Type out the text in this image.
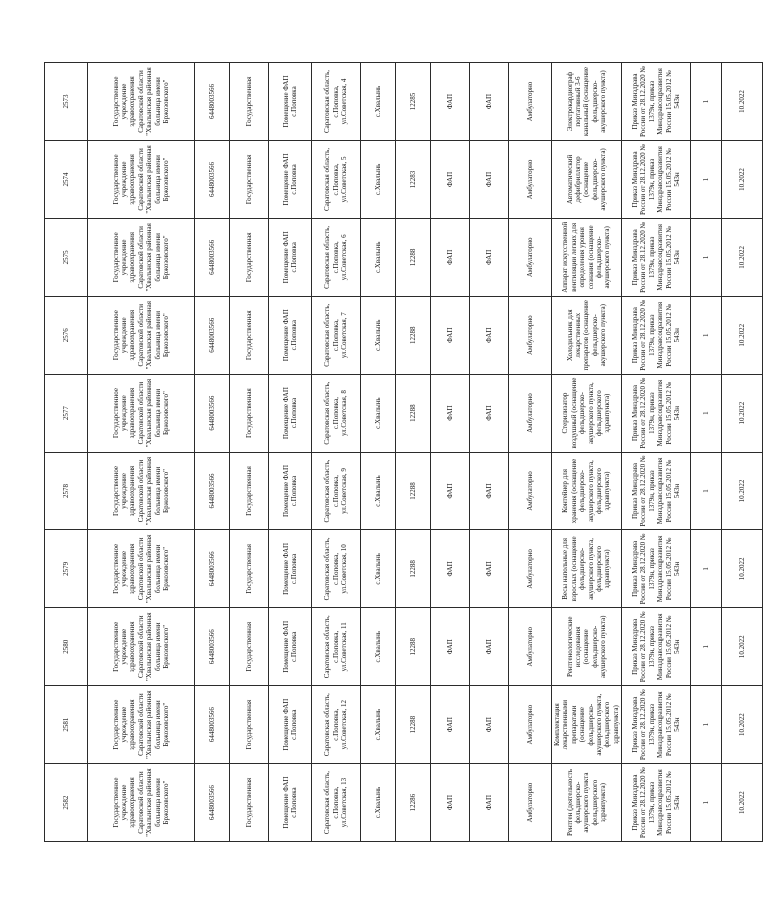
2582	2581	2580	2579	2578	2577	2576	2575	2574	2573
Государственное учреждение здравоохранения Саратовской области "Хвалынская районная больница имени Бржозовского"	Государственное учреждение здравоохранения Саратовской области "Хвалынская районная больница имени Бржозовского"	Государственное учреждение здравоохранения Саратовской области "Хвалынская районная больница имени Бржозовского"	Государственное учреждение здравоохранения Саратовской области "Хвалынская районная больница имени Бржозовского"	Государственное учреждение здравоохранения Саратовской области "Хвалынская районная больница имени Бржозовского"	Государственное учреждение здравоохранения Саратовской области "Хвалынская районная больница имени Бржозовского"	Государственное учреждение здравоохранения Саратовской области "Хвалынская районная больница имени Бржозовского"	Государственное учреждение здравоохранения Саратовской области "Хвалынская районная больница имени Бржозовского"	Государственное учреждение здравоохранения Саратовской области "Хвалынская районная больница имени Бржозовского"	Государственное учреждение здравоохранения Саратовской области "Хвалынская районная больница имени Бржозовского"
6448003566	6448003566	6448003566	6448003566	6448003566	6448003566	6448003566	6448003566	6448003566	6448003566
Государственная	Государственная	Государственная	Государственная	Государственная	Государственная	Государственная	Государственная	Государственная	Государственная
Помещение ФАП с.Поповка	Помещение ФАП с.Поповка	Помещение ФАП с.Поповка	Помещение ФАП с.Поповка	Помещение ФАП с.Поповка	Помещение ФАП с.Поповка	Помещение ФАП с.Поповка	Помещение ФАП с.Поповка	Помещение ФАП с.Поповка	Помещение ФАП с.Поповка
Саратовская область, с.Поповка, ул.Советская, 13	Саратовская область, с.Поповка, ул.Советская, 12	Саратовская область, с.Поповка, ул.Советская, 11	Саратовская область, с.Поповка, ул.Советская, 10	Саратовская область, с.Поповка, ул.Советская, 9	Саратовская область, с.Поповка, ул.Советская, 8	Саратовская область, с.Поповка, ул.Советская, 7	Саратовская область, с.Поповка, ул.Советская, 6	Саратовская область, с.Поповка, ул.Советская, 5	Саратовская область, с.Поповка, ул.Советская, 4
с.Хвалынь	с.Хвалынь	с.Хвалынь	с.Хвалынь	с.Хвалынь	с.Хвалынь	с.Хвалынь	с.Хвалынь	с.Хвалынь	с.Хвалынь
12286	12288	12288	12288	12288	12288	12288	12288	12283	12285
ФАП	ФАП	ФАП	ФАП	ФАП	ФАП	ФАП	ФАП	ФАП	ФАП
ФАП	ФАП	ФАП	ФАП	ФАП	ФАП	ФАП	ФАП	ФАП	ФАП
Амбулаторно	Амбулаторно	Амбулаторно	Амбулаторно	Амбулаторно	Амбулаторно	Амбулаторно	Амбулаторно	Амбулаторно	Амбулаторно
Рентген (деятельность фельдшерско-акушерского пункта фельдшерского здравпункта)	Комплектация лекарственными препаратами (оснащение фельдшерско-акушерского пункта, фельдшерского здравпункта)	Рентгенологические исследования (оснащение фельдшерско-акушерского пункта)	Весы напольные для взрослых (оснащение фельдшерско-акушерского пункта, фельдшерского здравпункта)	Контейнер для хранения (оснащение фельдшерско-акушерского пункта, фельдшерского здравпункта)	Стерилизатор воздушный (оснащение фельдшерско-акушерского пункта, фельдшерского здравпункта)	Холодильник для лекарственных препаратов (оснащение фельдшерско-акушерского пункта)	Аппарат искусственной вентиляции легких для определения уровня сознания (оснащение фельдшерско-акушерского пункта)	Автоматический дефибриллятор (оснащение фельдшерско-акушерского пункта)	Электрокардиограф портативный 3-6 канальный (оснащение фельдшерско-акушерского пункта)
Приказ Минздрава России от 28.12.2020 № 1379н, приказ Минздравсоцразвития России 15.05.2012 № 543н	Приказ Минздрава России от 28.12.2020 № 1379н, приказ Минздравсоцразвития России 15.05.2012 № 543н	Приказ Минздрава России от 28.12.2020 № 1379н, приказ Минздравсоцразвития России 15.05.2012 № 543н	Приказ Минздрава России от 28.12.2020 № 1379н, приказ Минздравсоцразвития России 15.05.2012 № 543н	Приказ Минздрава России от 28.12.2020 № 1379н, приказ Минздравсоцразвития России 15.05.2012 № 543н	Приказ Минздрава России от 28.12.2020 № 1379н, приказ Минздравсоцразвития России 15.05.2012 № 543н	Приказ Минздрава России от 28.12.2020 № 1379н, приказ Минздравсоцразвития России 15.05.2012 № 543н	Приказ Минздрава России от 28.12.2020 № 1379н, приказ Минздравсоцразвития России 15.05.2012 № 543н	Приказ Минздрава России от 28.12.2020 № 1379н, приказ Минздравсоцразвития России 15.05.2012 № 543н	Приказ Минздрава России от 28.12.2020 № 1379н, приказ Минздравсоцразвития России 15.05.2012 № 543н
1	1	1	1	1	1	1	1	1	1
10.2022	10.2022	10.2022	10.2022	10.2022	10.2022	10.2022	10.2022	10.2022	10.2022
